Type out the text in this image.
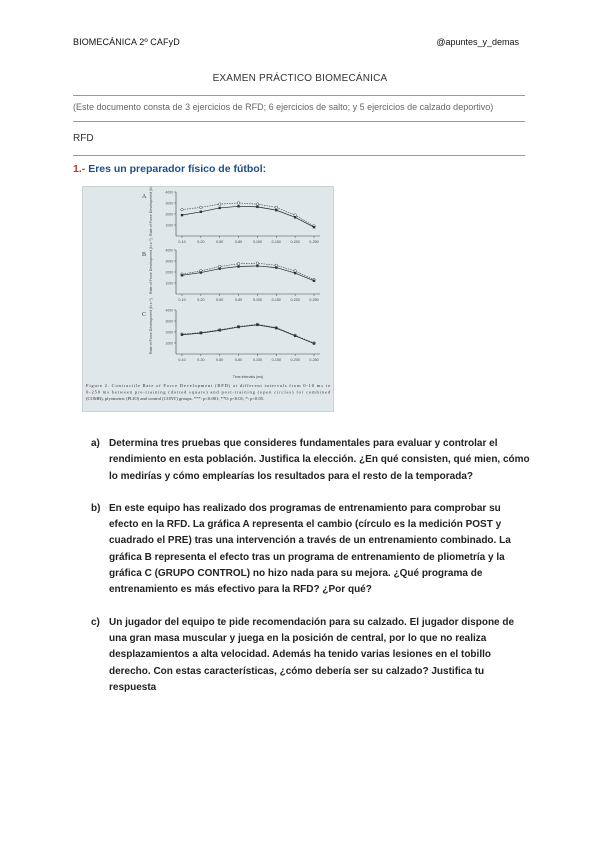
BIOMECÁNICA 2º CAFyD	@apuntes_y_demas
EXAMEN PRÁCTICO BIOMECÁNICA
(Este documento consta de 3 ejercicios de RFD; 6 ejercicios de salto; y 5 ejercicios de calzado deportivo)
RFD
1.- Eres un preparador físico de fútbol:
A Rate of Force Development (N.s⁻¹)	1000
2000
3000
4000
0-10	0-20	0-50	0-80	0-100	0-150	0-200	0-250
B Rate of Force Development (N.s⁻¹)	1000
2000
3000
4000
0-10	0-20	0-50	0-80	0-100	0-150	0-200	0-250
C Rate of Force Development (N.s⁻¹)	1000
2000
3000
4000
0-10	0-20	0-50	0-80	0-100	0-150	0-200	0-250
Time intervals (ms)
Figure 2. Contractile Rate of Force Development (RFD) at different intervals from 0-10 ms to
0-250 ms between pre-training (dotted square) and post-training (open circles) for combined
(COMB), plyometric (PLIO) and control (CONT) groups. ***: p<0.001; **0: p<0.01; *: p<0.05.
a) Determina tres pruebas que consideres fundamentales para evaluar y controlar el rendimiento en esta población. Justifica la elección. ¿En qué consisten, qué mien, cómo lo medirías y cómo emplearías los resultados para el resto de la temporada?
b) En este equipo has realizado dos programas de entrenamiento para comprobar su efecto en la RFD. La gráfica A representa el cambio (círculo es la medición POST y cuadrado el PRE) tras una intervención a través de un entrenamiento combinado. La gráfica B representa el efecto tras un programa de entrenamiento de pliometría y la gráfica C (GRUPO CONTROL) no hizo nada para su mejora. ¿Qué programa de entrenamiento es más efectivo para la RFD? ¿Por qué?
c) Un jugador del equipo te pide recomendación para su calzado. El jugador dispone de una gran masa muscular y juega en la posición de central, por lo que no realiza desplazamientos a alta velocidad. Además ha tenido varias lesiones en el tobillo derecho. Con estas características, ¿cómo debería ser su calzado? Justifica tu respuesta
